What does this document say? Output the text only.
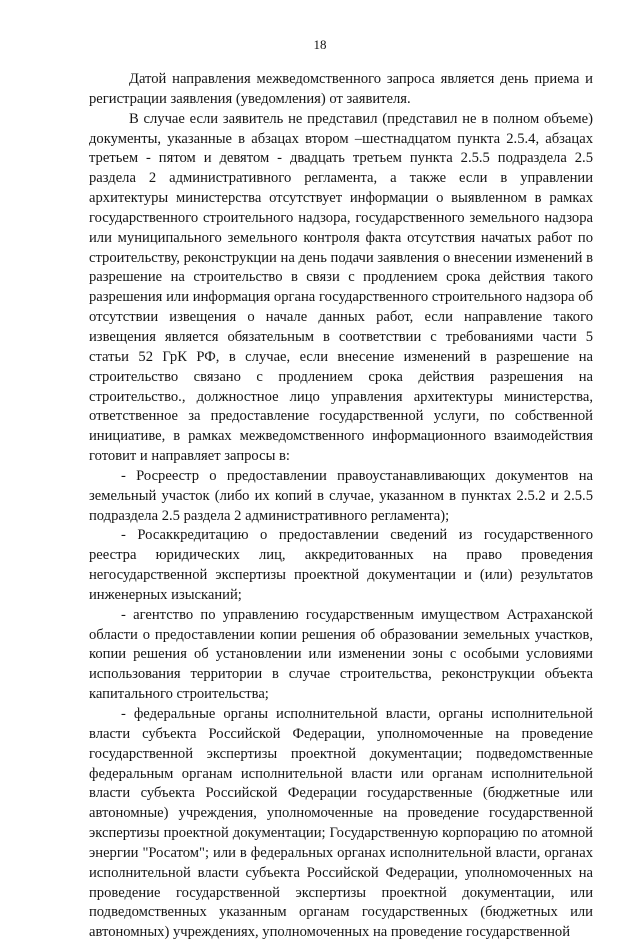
18

Датой направления межведомственного запроса является день приема и регистрации заявления (уведомления) от заявителя.

В случае если заявитель не представил (представил не в полном объеме) документы, указанные в абзацах втором –шестнадцатом пункта 2.5.4, абзацах третьем - пятом и девятом - двадцать третьем пункта 2.5.5 подраздела 2.5 раздела 2 административного регламента, а также если в управлении архитектуры министерства отсутствует информации о выявленном в рамках государственного строительного надзора, государственного земельного надзора или муниципального земельного контроля факта отсутствия начатых работ по строительству, реконструкции на день подачи заявления о внесении изменений в разрешение на строительство в связи с продлением срока действия такого разрешения или информация органа государственного строительного надзора об отсутствии извещения о начале данных работ, если направление такого извещения является обязательным в соответствии с требованиями части 5 статьи 52 ГрК РФ, в случае, если внесение изменений в разрешение на строительство связано с продлением срока действия разрешения на строительство., должностное лицо управления архитектуры министерства, ответственное за предоставление государственной услуги, по собственной инициативе, в рамках межведомственного информационного взаимодействия готовит и направляет запросы в:

- Росреестр о предоставлении правоустанавливающих документов на земельный участок (либо их копий в случае, указанном в пунктах 2.5.2 и 2.5.5 подраздела 2.5 раздела 2 административного регламента);

- Росаккредитацию о предоставлении сведений из государственного реестра юридических лиц, аккредитованных на право проведения негосударственной экспертизы проектной документации и (или) результатов инженерных изысканий;

- агентство по управлению государственным имуществом Астраханской области о предоставлении копии решения об образовании земельных участков, копии решения об установлении или изменении зоны с особыми условиями использования территории в случае строительства, реконструкции объекта капитального строительства;

- федеральные органы исполнительной власти, органы исполнительной власти субъекта Российской Федерации, уполномоченные на проведение государственной экспертизы проектной документации; подведомственные федеральным органам исполнительной власти или органам исполнительной власти субъекта Российской Федерации государственные (бюджетные или автономные) учреждения, уполномоченные на проведение государственной экспертизы проектной документации; Государственную корпорацию по атомной энергии "Росатом"; или в федеральных органах исполнительной власти, органах исполнительной власти субъекта Российской Федерации, уполномоченных на проведение государственной экспертизы проектной документации, или подведомственных указанным органам государственных (бюджетных или автономных) учреждениях, уполномоченных на проведение государственной
